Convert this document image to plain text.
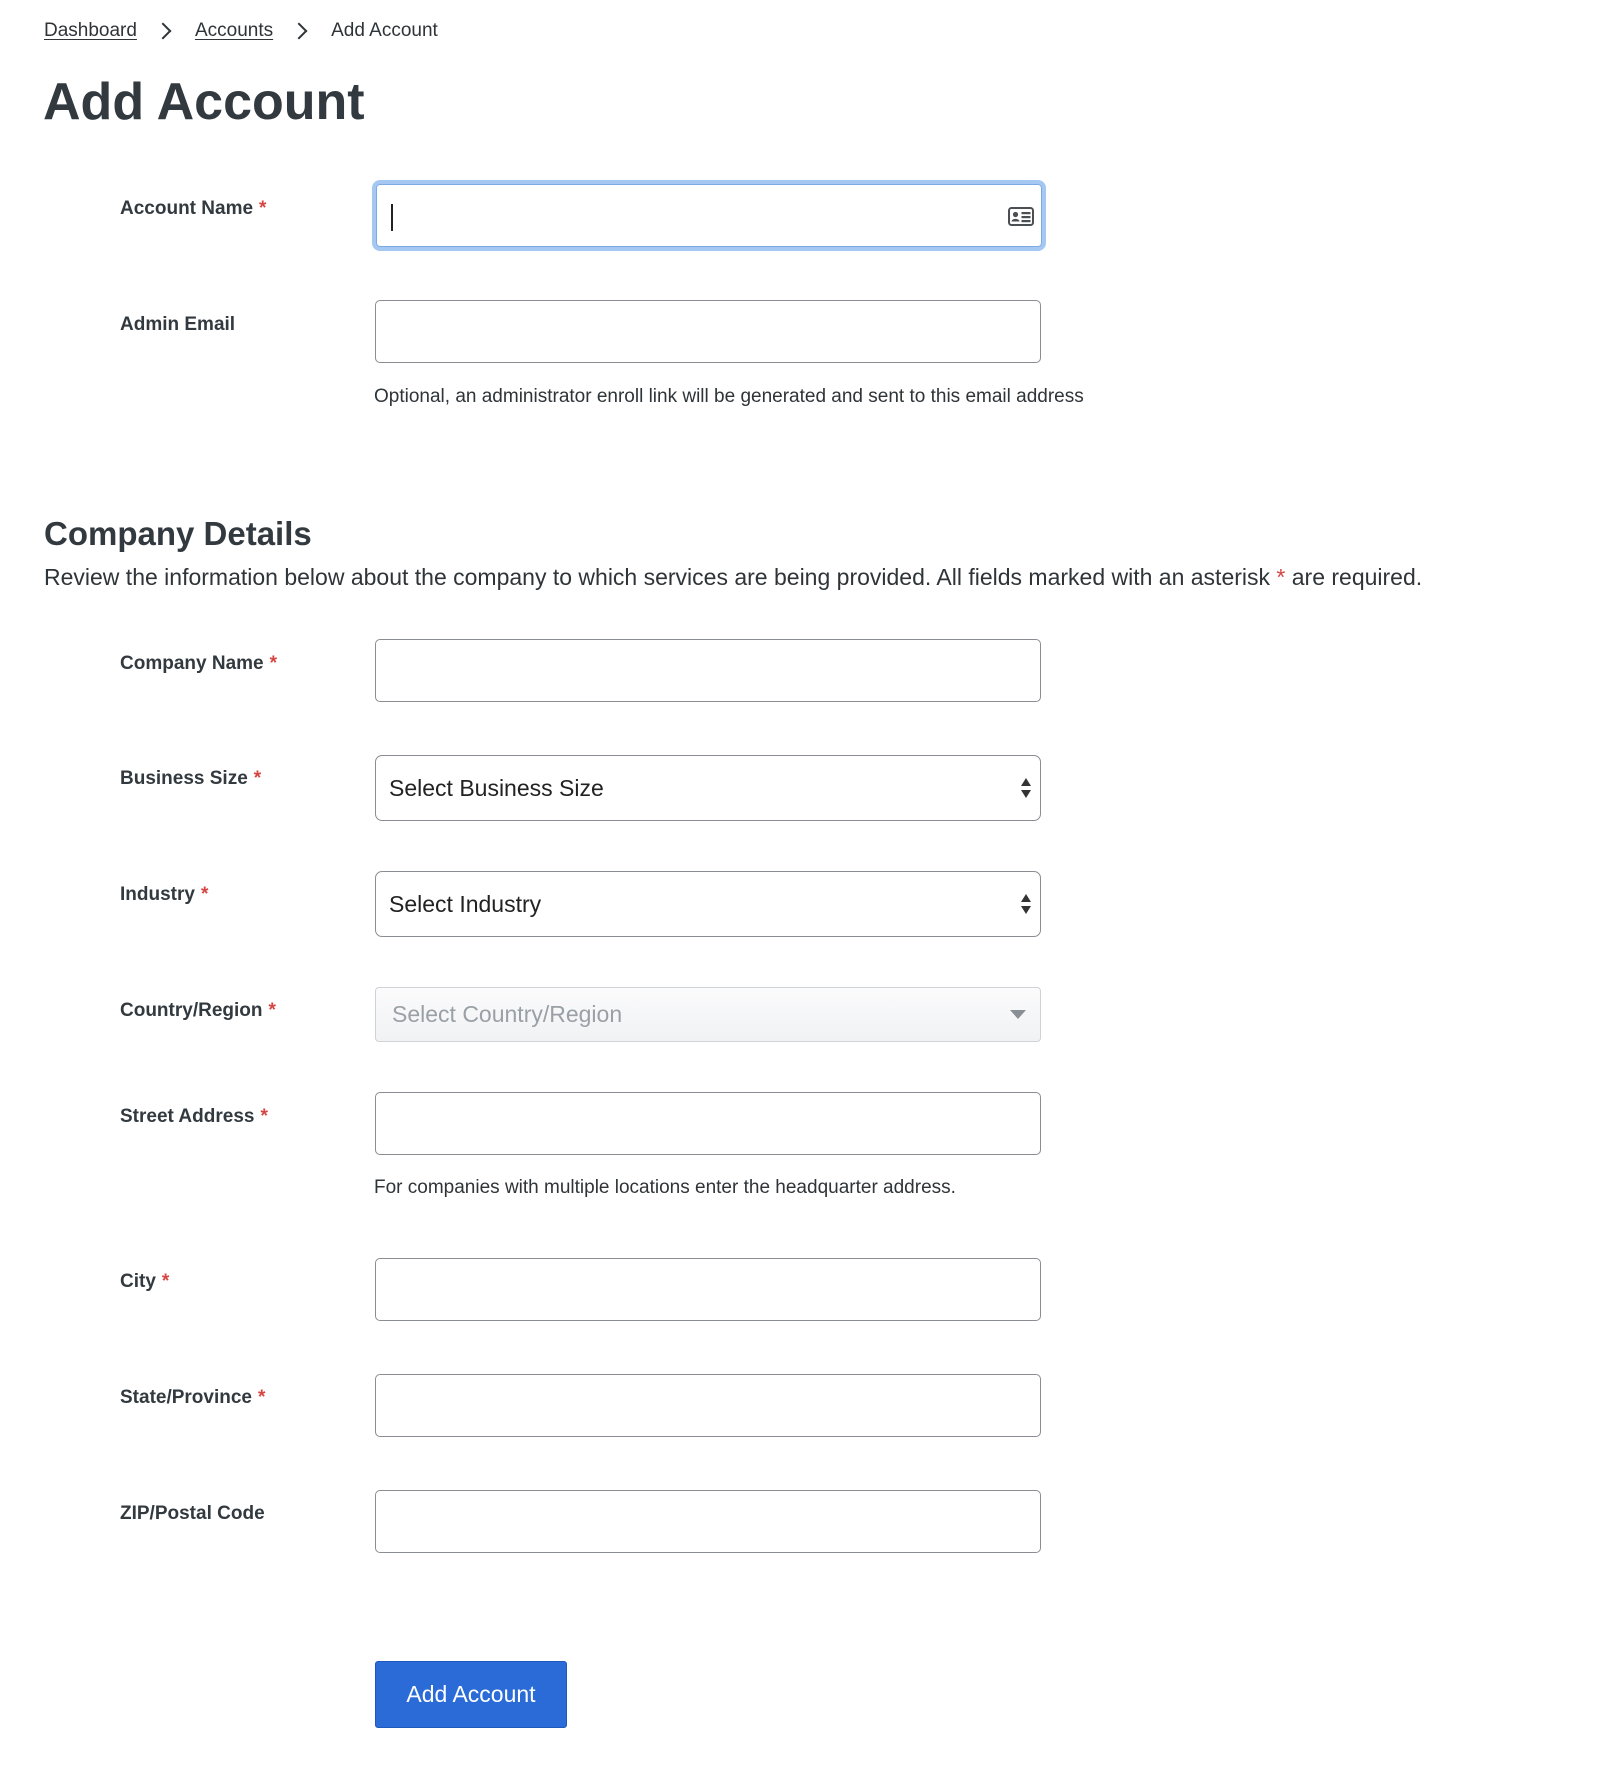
Dashboard	Accounts	Add Account
Add Account
Account Name *
Admin Email
Optional, an administrator enroll link will be generated and sent to this email address
Company Details
Review the information below about the company to which services are being provided. All fields marked with an asterisk * are required.
Company Name *
Business Size *	Select Business Size
Industry *	Select Industry
Country/Region *	Select Country/Region
Street Address *
For companies with multiple locations enter the headquarter address.
City *
State/Province *
ZIP/Postal Code
Add Account
